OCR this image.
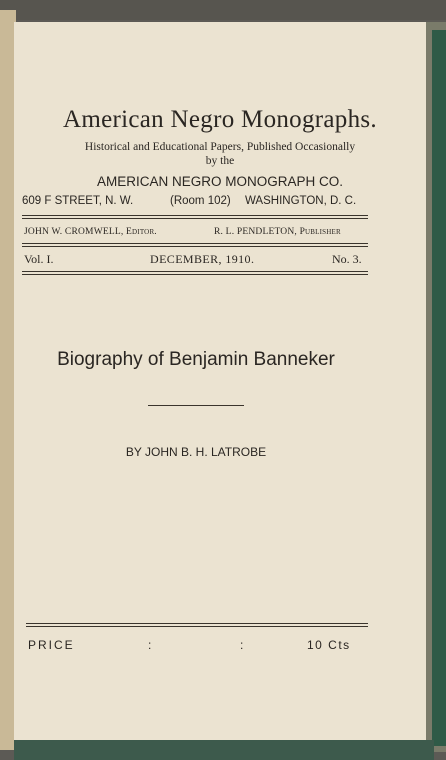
American Negro Monographs.
Historical and Educational Papers, Published Occasionally
by the
AMERICAN NEGRO MONOGRAPH CO.
609 F STREET, N. W.	(Room 102) WASHINGTON, D. C.
JOHN W. CROMWELL, Editor.	R. L. PENDLETON, Publisher
Vol. I.	DECEMBER, 1910.	No. 3.
Biography of Benjamin Banneker
BY JOHN B. H. LATROBE
PRICE	:	:	10 Cts
